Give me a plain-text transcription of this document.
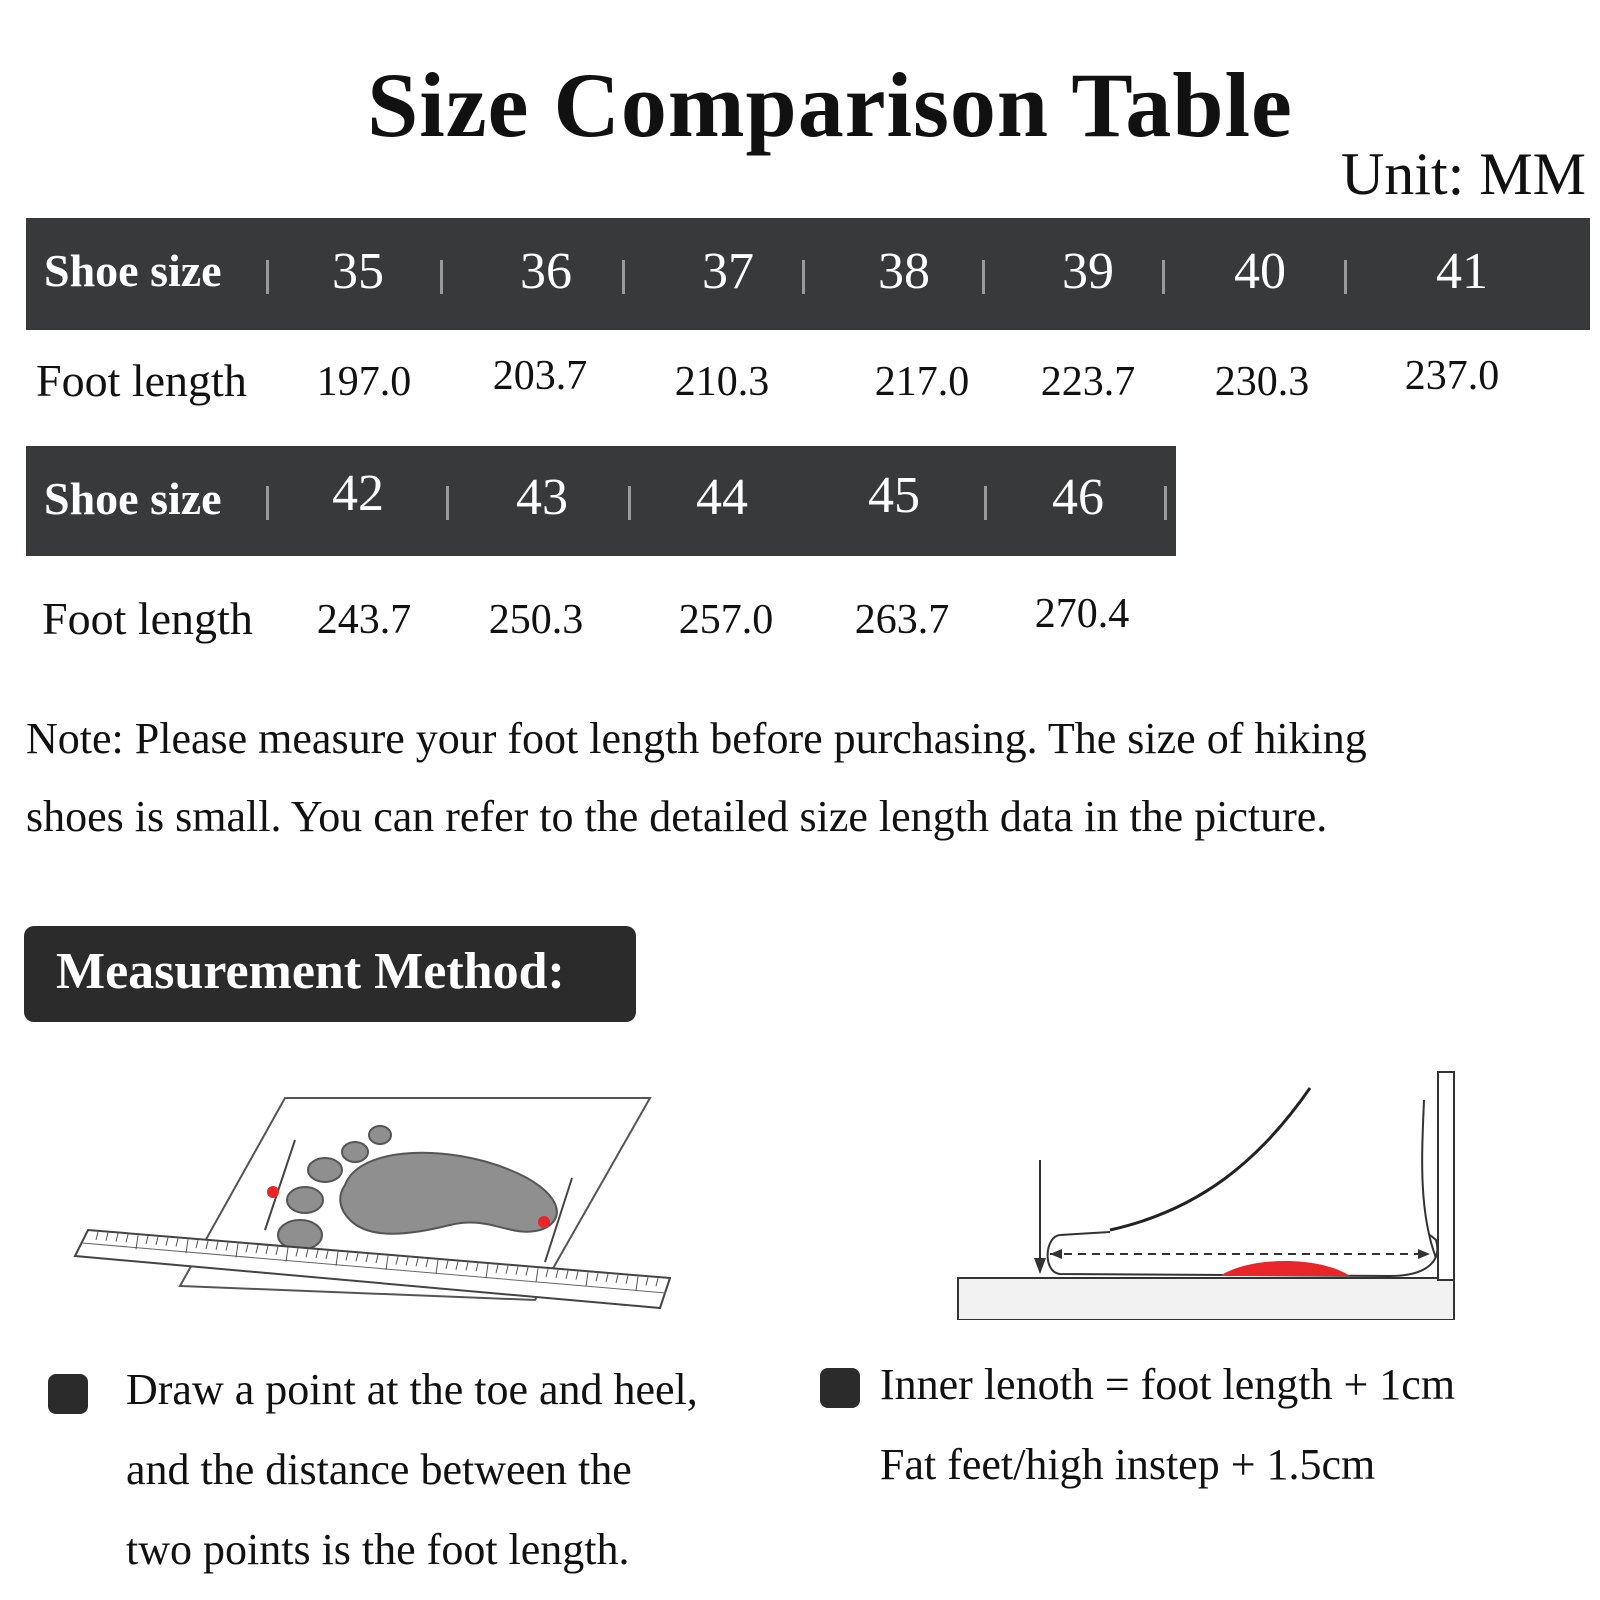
Size Comparison Table
Unit: MM
Shoe size	35	36	37	38	39	40	41
Foot length	197.0	203.7	210.3	217.0	223.7	230.3	237.0
Shoe size	42	43	44	45	46
Foot length	243.7	250.3	257.0	263.7	270.4
Note: Please measure your foot length before purchasing. The size of hiking
shoes is small. You can refer to the detailed size length data in the picture.
Measurement Method:
Draw a point at the toe and heel,
and the distance between the
two points is the foot length.
Inner lenoth = foot length + 1cm
Fat feet/high instep + 1.5cm
